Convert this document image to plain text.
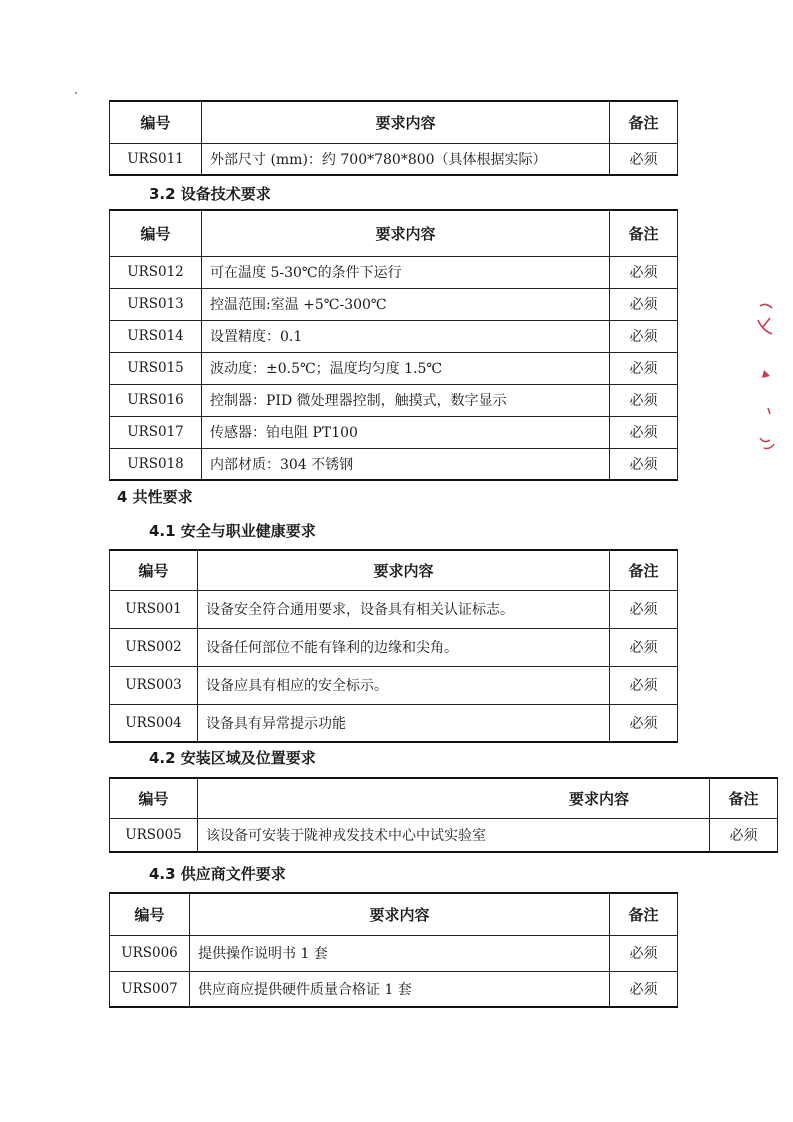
编号	要求内容	备注
URS011	外部尺寸 (mm)：约 700*780*800（具体根据实际）	必须
3.2 设备技术要求
编号	要求内容	备注
URS012	可在温度 5-30℃的条件下运行	必须
URS013	控温范围:室温 +5℃-300℃	必须
URS014	设置精度：0.1	必须
URS015	波动度：±0.5℃；温度均匀度 1.5℃	必须
URS016	控制器：PID 微处理器控制，触摸式，数字显示	必须
URS017	传感器：铂电阻 PT100	必须
URS018	内部材质：304 不锈钢	必须
4 共性要求
4.1 安全与职业健康要求
编号	要求内容	备注
URS001	设备安全符合通用要求，设备具有相关认证标志。	必须
URS002	设备任何部位不能有锋利的边缘和尖角。	必须
URS003	设备应具有相应的安全标示。	必须
URS004	设备具有异常提示功能	必须
4.2 安装区域及位置要求
编号	要求内容	备注
URS005	该设备可安装于陇神戎发技术中心中试实验室	必须
4.3 供应商文件要求
编号	要求内容	备注
URS006	提供操作说明书 1 套	必须
URS007	供应商应提供硬件质量合格证 1 套	必须
